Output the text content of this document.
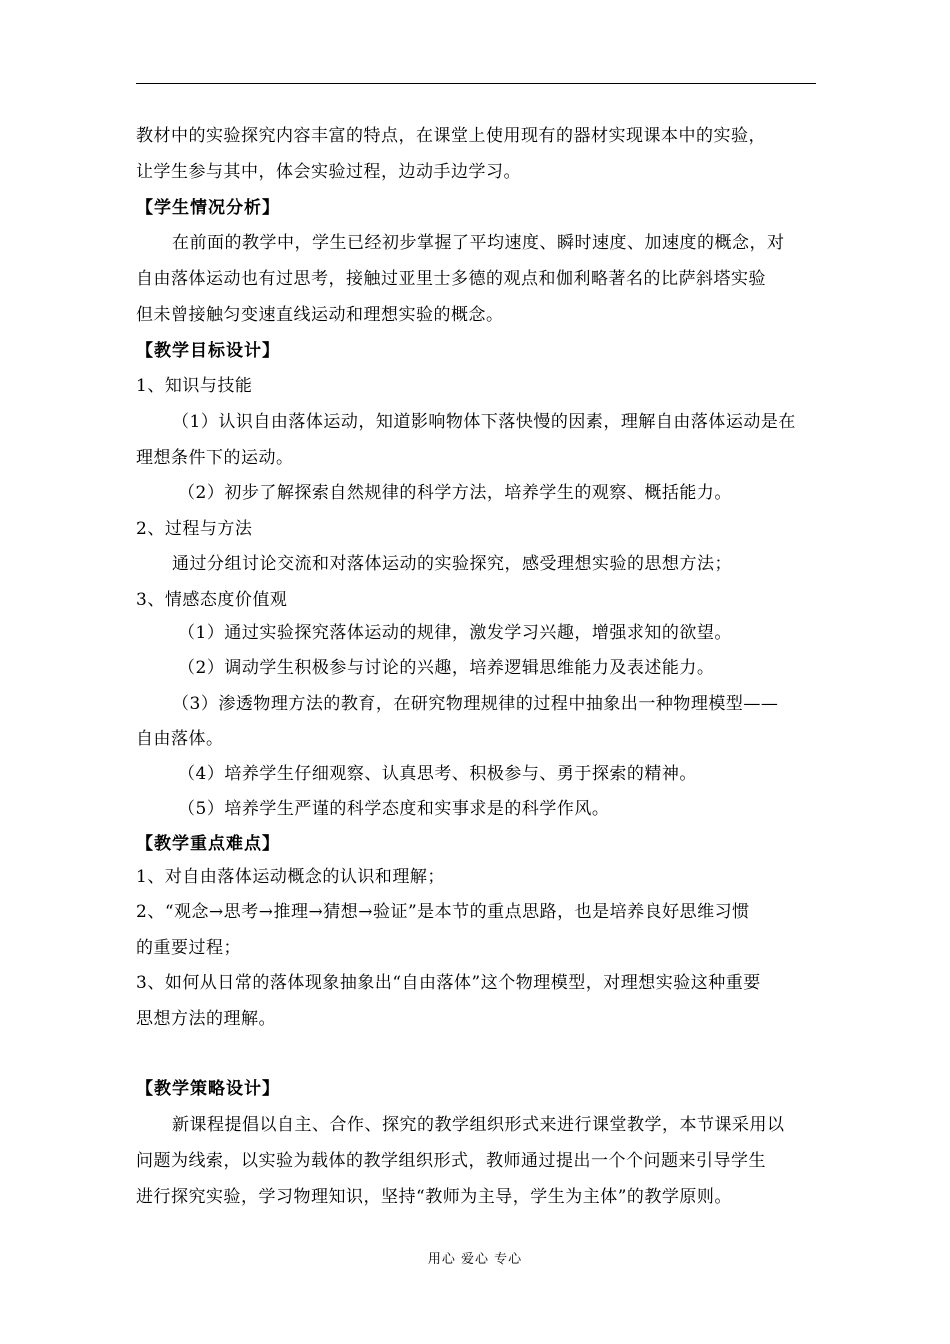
教材中的实验探究内容丰富的特点，在课堂上使用现有的器材实现课本中的实验，
让学生参与其中，体会实验过程，边动手边学习。
【学生情况分析】
在前面的教学中，学生已经初步掌握了平均速度、瞬时速度、加速度的概念，对
自由落体运动也有过思考，接触过亚里士多德的观点和伽利略著名的比萨斜塔实验
但未曾接触匀变速直线运动和理想实验的概念。
【教学目标设计】
1、知识与技能
（1）认识自由落体运动，知道影响物体下落快慢的因素，理解自由落体运动是在
理想条件下的运动。
（2）初步了解探索自然规律的科学方法，培养学生的观察、概括能力。
2、过程与方法
通过分组讨论交流和对落体运动的实验探究，感受理想实验的思想方法；
3、情感态度价值观
（1）通过实验探究落体运动的规律，激发学习兴趣，增强求知的欲望。
（2）调动学生积极参与讨论的兴趣，培养逻辑思维能力及表述能力。
（3）渗透物理方法的教育，在研究物理规律的过程中抽象出一种物理模型——
自由落体。
（4）培养学生仔细观察、认真思考、积极参与、勇于探索的精神。
（5）培养学生严谨的科学态度和实事求是的科学作风。
【教学重点难点】
1、对自由落体运动概念的认识和理解；
2、“观念→思考→推理→猜想→验证”是本节的重点思路，也是培养良好思维习惯
的重要过程；
3、如何从日常的落体现象抽象出“自由落体”这个物理模型，对理想实验这种重要
思想方法的理解。
【教学策略设计】
新课程提倡以自主、合作、探究的教学组织形式来进行课堂教学，本节课采用以
问题为线索，以实验为载体的教学组织形式，教师通过提出一个个问题来引导学生
进行探究实验，学习物理知识，坚持“教师为主导，学生为主体”的教学原则。
用心 爱心 专心
